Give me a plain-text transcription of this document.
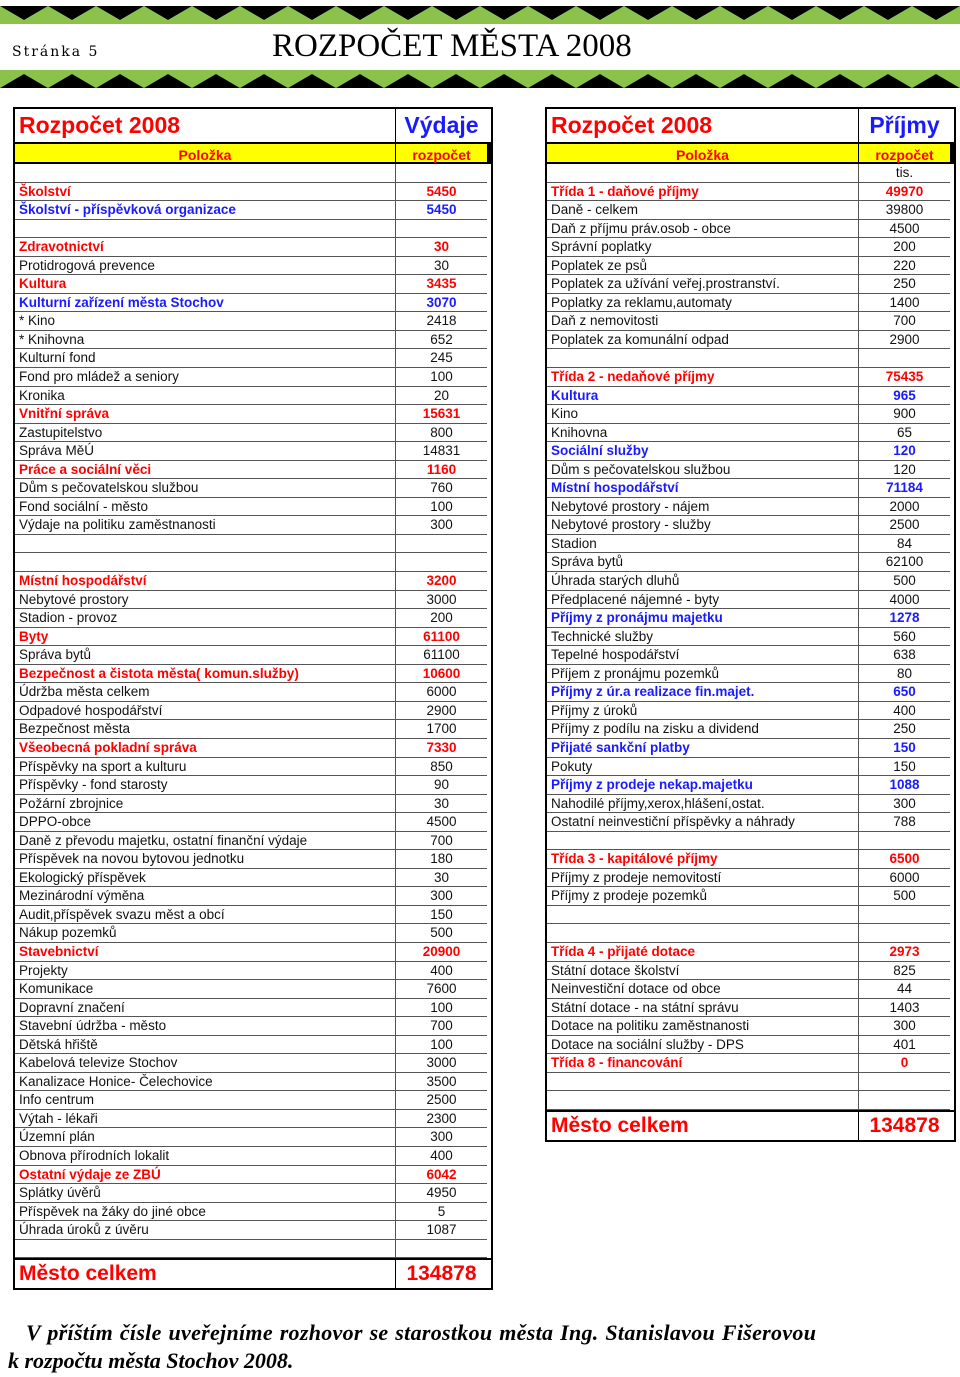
Stránka 5	ROZPOČET MĚSTA 2008
Rozpočet 2008	Výdaje
Položka	rozpočet
Školství	5450
Školství - příspěvková organizace	5450
Zdravotnictví	30
Protidrogová prevence	30
Kultura	3435
Kulturní zařízení města Stochov	3070
* Kino	2418
* Knihovna	652
Kulturní fond	245
Fond pro mládež a seniory	100
Kronika	20
Vnitřní správa	15631
Zastupitelstvo	800
Správa MěÚ	14831
Práce a sociální věci	1160
Dům s pečovatelskou službou	760
Fond sociální - město	100
Výdaje na politiku zaměstnanosti	300
Místní hospodářství	3200
Nebytové prostory	3000
Stadion - provoz	200
Byty	61100
Správa bytů	61100
Bezpečnost a čistota města( komun.služby)	10600
Údržba města celkem	6000
Odpadové hospodářství	2900
Bezpečnost města	1700
Všeobecná pokladní správa	7330
Příspěvky na sport a kulturu	850
Příspěvky - fond starosty	90
Požární zbrojnice	30
DPPO-obce	4500
Daně z převodu majetku, ostatní finanční výdaje	700
Příspěvek na novou bytovou jednotku	180
Ekologický příspěvek	30
Mezinárodní výměna	300
Audit,příspěvek svazu měst a obcí	150
Nákup pozemků	500
Stavebnictví	20900
Projekty	400
Komunikace	7600
Dopravní značení	100
Stavební údržba - město	700
Dětská hřiště	100
Kabelová televize Stochov	3000
Kanalizace Honice- Čelechovice	3500
Info centrum	2500
Výtah - lékaři	2300
Územní plán	300
Obnova přírodních lokalit	400
Ostatní výdaje ze ZBÚ	6042
Splátky úvěrů	4950
Příspěvek na žáky do jiné obce	5
Úhrada úroků z úvěru	1087
Město celkem	134878
Rozpočet 2008	Příjmy
Položka	rozpočet
tis.
Třída 1 - daňové příjmy	49970
Daně - celkem	39800
Daň z příjmu práv.osob - obce	4500
Správní poplatky	200
Poplatek ze psů	220
Poplatek za užívání veřej.prostranství.	250
Poplatky za reklamu,automaty	1400
Daň z nemovitosti	700
Poplatek za komunální odpad	2900
Třída 2 - nedaňové příjmy	75435
Kultura	965
Kino	900
Knihovna	65
Sociální služby	120
Dům s pečovatelskou službou	120
Místní hospodářství	71184
Nebytové prostory - nájem	2000
Nebytové prostory - služby	2500
Stadion	84
Správa bytů	62100
Úhrada starých dluhů	500
Předplacené nájemné - byty	4000
Příjmy z pronájmu majetku	1278
Technické služby	560
Tepelné hospodářství	638
Příjem z pronájmu pozemků	80
Příjmy z úr.a realizace fin.majet.	650
Příjmy z úroků	400
Příjmy z podílu na zisku a dividend	250
Přijaté sankční platby	150
Pokuty	150
Příjmy z prodeje nekap.majetku	1088
Nahodilé příjmy,xerox,hlášení,ostat.	300
Ostatní neinvestiční příspěvky a náhrady	788
Třída 3 - kapitálové příjmy	6500
Příjmy z prodeje nemovitostí	6000
Příjmy z prodeje pozemků	500
Třída 4 - přijaté dotace	2973
Státní dotace školství	825
Neinvestiční dotace od obce	44
Státní dotace - na státní správu	1403
Dotace na politiku zaměstnanosti	300
Dotace na sociální služby - DPS	401
Třída 8 - financování	0
Město celkem	134878
V příštím čísle uveřejníme rozhovor se starostkou města Ing. Stanislavou Fišerovou
k rozpočtu města Stochov 2008.
